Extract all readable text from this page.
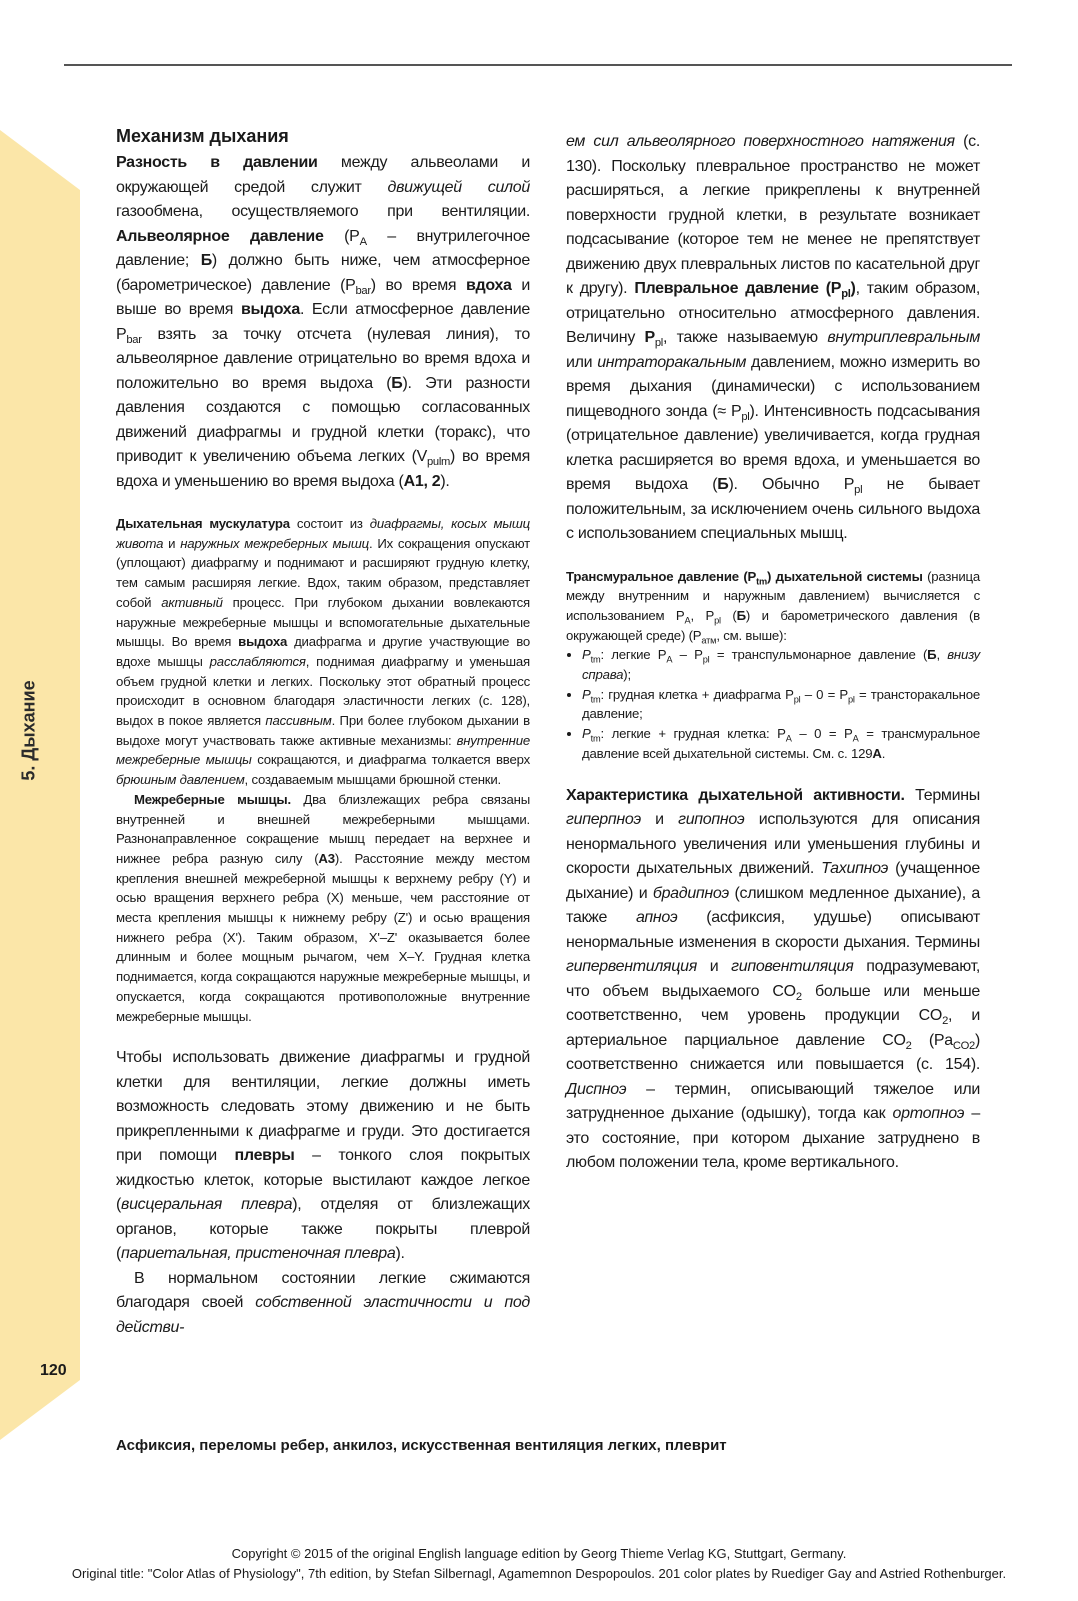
5. Дыхание
120
Механизм дыхания

Разность в давлении между альвеолами и окружающей средой служит движущей силой газообмена, осуществляемого при вентиляции. Альвеолярное давление ($P_A$ – внутрилегочное давление; Б) должно быть ниже, чем атмосферное (барометрическое) давление $(P_{bar})$ во время вдоха и выше во время выдоха. Если атмосферное давление $P_{bar}$ взять за точку отсчета (нулевая линия), то альвеолярное давление отрицательно во время вдоха и положительно во время выдоха (Б). Эти разности давления создаются с помощью согласованных движений диафрагмы и грудной клетки (торакс), что приводит к увеличению объема легких $(V_{pulm})$ во время вдоха и уменьшению во время выдоха (A1, 2).

Дыхательная мускулатура состоит из диафрагмы, косых мышц живота и наружных межреберных мышц. Их сокращения опускают (уплощают) диафрагму и поднимают и расширяют грудную клетку, тем самым расширяя легкие. Вдох, таким образом, представляет собой активный процесс. При глубоком дыхании вовлекаются наружные межреберные мышцы и вспомогательные дыхательные мышцы. Во время выдоха диафрагма и другие участвующие во вдохе мышцы расслабляются, поднимая диафрагму и уменьшая объем грудной клетки и легких. Поскольку этот обратный процесс происходит в основном благодаря эластичности легких (с. 128), выдох в покое является пассивным. При более глубоком дыхании в выдохе могут участвовать также активные механизмы: внутренние межреберные мышцы сокращаются, и диафрагма толкается вверх брюшным давлением, создаваемым мышцами брюшной стенки.

Межреберные мышцы. Два близлежащих ребра связаны внутренней и внешней межреберными мышцами. Разнонаправленное сокращение мышц передает на верхнее и нижнее ребра разную силу (A3). Расстояние между местом крепления внешней межреберной мышцы к верхнему ребру (Y) и осью вращения верхнего ребра (X) меньше, чем расстояние от места крепления мышцы к нижнему ребру (Z') и осью вращения нижнего ребра (X'). Таким образом, X'–Z' оказывается более длинным и более мощным рычагом, чем X–Y. Грудная клетка поднимается, когда сокращаются наружные межреберные мышцы, и опускается, когда сокращаются противоположные внутренние межреберные мышцы.

Чтобы использовать движение диафрагмы и грудной клетки для вентиляции, легкие должны иметь возможность следовать этому движению и не быть прикрепленными к диафрагме и груди. Это достигается при помощи плевры – тонкого слоя покрытых жидкостью клеток, которые выстилают каждое легкое (висцеральная плевра), отделяя от близлежащих органов, которые также покрыты плеврой (париетальная, пристеночная плевра).

В нормальном состоянии легкие сжимаются благодаря своей собственной эластичности и под действи-

ем сил альвеолярного поверхностного натяжения (с. 130). Поскольку плевральное пространство не может расширяться, а легкие прикреплены к внутренней поверхности грудной клетки, в результате возникает подсасывание (которое тем не менее не препятствует движению двух плевральных листов по касательной друг к другу). Плевральное давление $(P_{pl})$, таким образом, отрицательно относительно атмосферного давления. Величину $P_{pl}$, также называемую внутриплевральным или интраторакальным давлением, можно измерить во время дыхания (динамически) с использованием пищеводного зонда (≈ $P_{pl}$). Интенсивность подсасывания (отрицательное давление) увеличивается, когда грудная клетка расширяется во время вдоха, и уменьшается во время выдоха (Б). Обычно $P_{pl}$ не бывает положительным, за исключением очень сильного выдоха с использованием специальных мышц.

Трансмуральное давление $(P_{tm})$ дыхательной системы (разница между внутренним и наружным давлением) вычисляется с использованием $P_A$, $P_{pl}$ (Б) и барометрического давления (в окружающей среде) ($P_{атм}$, см. выше):

• $P_{tm}$: легкие $P_A - P_{pl}$ = транспульмонарное давление (Б, внизу справа);
• $P_{tm}$: грудная клетка + диафрагма $P_{pl} - 0 = P_{pl}$ = трансторакальное давление;
• $P_{tm}$: легкие + грудная клетка: $P_A - 0 = P_A$ = трансмуральное давление всей дыхательной системы. См. с. 129A.

Характеристика дыхательной активности. Термины гиперпноэ и гипопноэ используются для описания ненормального увеличения или уменьшения глубины и скорости дыхательных движений. Тахипноэ (учащенное дыхание) и брадипноэ (слишком медленное дыхание), а также апноэ (асфиксия, удушье) описывают ненормальные изменения в скорости дыхания. Термины гипервентиляция и гиповентиляция подразумевают, что объем выдыхаемого $CO_2$ больше или меньше соответственно, чем уровень продукции $CO_2$, и артериальное парциальное давление $CO_2$ $(Pa_{CO2})$ соответственно снижается или повышается (с. 154). Диспноэ – термин, описывающий тяжелое или затрудненное дыхание (одышку), тогда как ортопноэ – это состояние, при котором дыхание затруднено в любом положении тела, кроме вертикального.

Асфиксия, переломы ребер, анкилоз, искусственная вентиляция легких, плеврит
Copyright © 2015 of the original English language edition by Georg Thieme Verlag KG, Stuttgart, Germany.
Original title: "Color Atlas of Physiology", 7th edition, by Stefan Silbernagl, Agamemnon Despopoulos. 201 color plates by Ruediger Gay and Astried Rothenburger.
